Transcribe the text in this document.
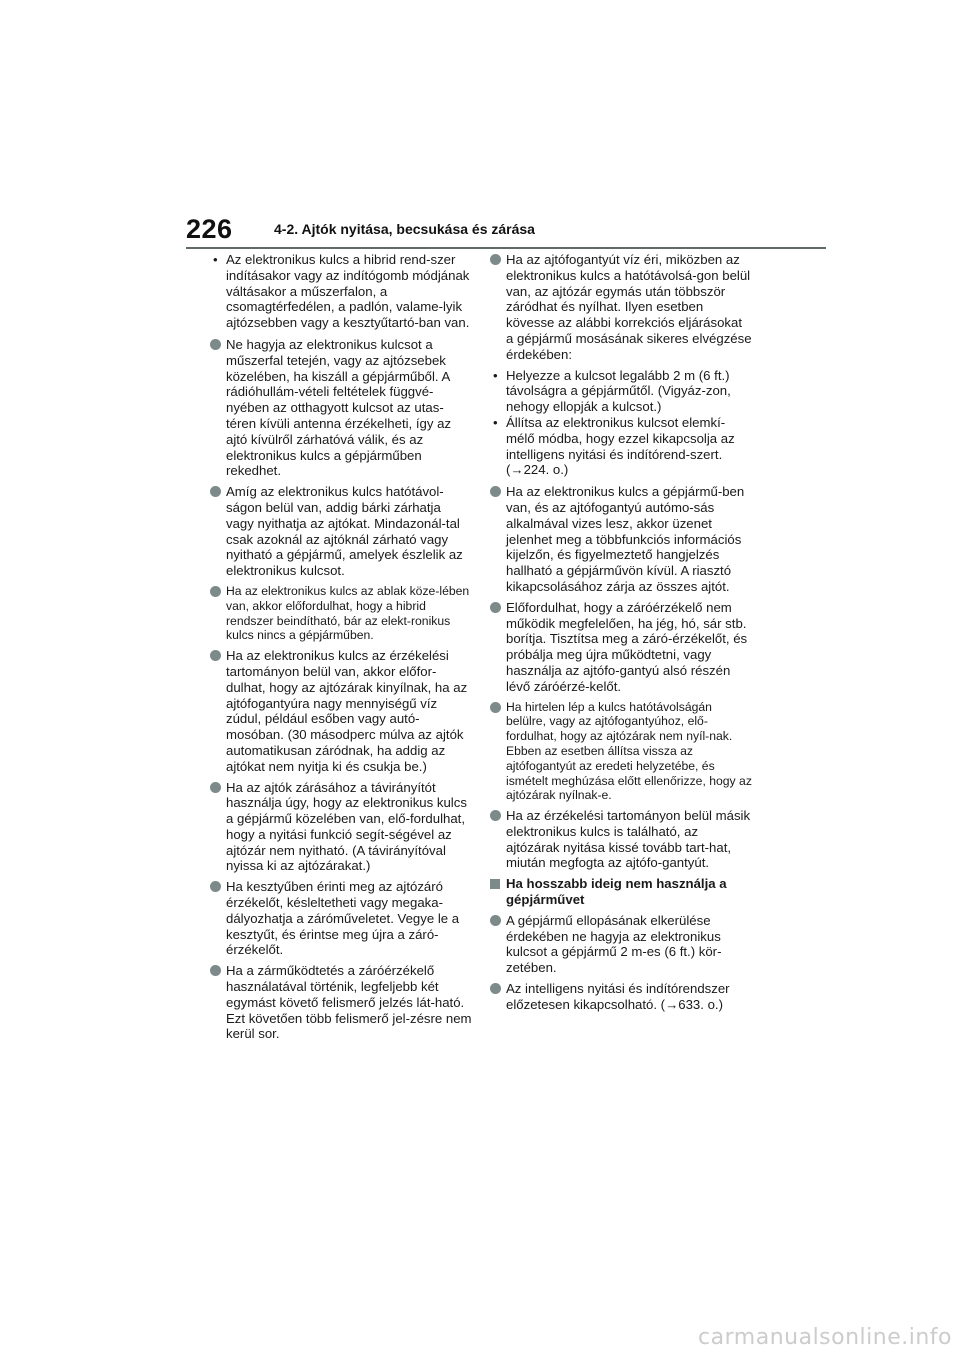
226	4-2. Ajtók nyitása, becsukása és zárása
• Az elektronikus kulcs a hibrid rend-szer indításakor vagy az indítógomb módjának váltásakor a műszerfalon, a csomagtérfedélen, a padlón, valame-lyik ajtózsebben vagy a kesztyűtartó-ban van.
Ne hagyja az elektronikus kulcsot a műszerfal tetején, vagy az ajtózsebek közelében, ha kiszáll a gépjárműből. A rádióhullám-vételi feltételek függvé-nyében az otthagyott kulcsot az utas-téren kívüli antenna érzékelheti, így az ajtó kívülről zárhatóvá válik, és az elektronikus kulcs a gépjárműben rekedhet.
Amíg az elektronikus kulcs hatótávol-ságon belül van, addig bárki zárhatja vagy nyithatja az ajtókat. Mindazonál-tal csak azoknál az ajtóknál zárható vagy nyitható a gépjármű, amelyek észlelik az elektronikus kulcsot.
Ha az elektronikus kulcs az ablak köze-lében van, akkor előfordulhat, hogy a hibrid rendszer beindítható, bár az elekt-ronikus kulcs nincs a gépjárműben.
Ha az elektronikus kulcs az érzékelési tartományon belül van, akkor előfor-dulhat, hogy az ajtózárak kinyílnak, ha az ajtófogantyúra nagy mennyiségű víz zúdul, például esőben vagy autó-mosóban. (30 másodperc múlva az ajtók automatikusan záródnak, ha addig az ajtókat nem nyitja ki és csukja be.)
Ha az ajtók zárásához a távirányítót használja úgy, hogy az elektronikus kulcs a gépjármű közelében van, elő-fordulhat, hogy a nyitási funkció segít-ségével az ajtózár nem nyitható. (A távirányítóval nyissa ki az ajtózárakat.)
Ha kesztyűben érinti meg az ajtózáró érzékelőt, késleltetheti vagy megaka-dályozhatja a záróműveletet. Vegye le a kesztyűt, és érintse meg újra a záró-érzékelőt.
Ha a zárműködtetés a záróérzékelő használatával történik, legfeljebb két egymást követő felismerő jelzés lát-ható. Ezt követően több felismerő jel-zésre nem kerül sor.
Ha az ajtófogantyút víz éri, miközben az elektronikus kulcs a hatótávolsá-gon belül van, az ajtózár egymás után többször záródhat és nyílhat. Ilyen esetben kövesse az alábbi korrekciós eljárásokat a gépjármű mosásának sikeres elvégzése érdekében:
• Helyezze a kulcsot legalább 2 m (6 ft.) távolságra a gépjárműtől. (Vigyáz-zon, nehogy ellopják a kulcsot.)
• Állítsa az elektronikus kulcsot elemkí-mélő módba, hogy ezzel kikapcsolja az intelligens nyitási és indítórend-szert. (→224. o.)
Ha az elektronikus kulcs a gépjármű-ben van, és az ajtófogantyú autómo-sás alkalmával vizes lesz, akkor üzenet jelenhet meg a többfunkciós információs kijelzőn, és figyelmeztető hangjelzés hallható a gépjárművön kívül. A riasztó kikapcsolásához zárja az összes ajtót.
Előfordulhat, hogy a záróérzékelő nem működik megfelelően, ha jég, hó, sár stb. borítja. Tisztítsa meg a záró-érzékelőt, és próbálja meg újra működtetni, vagy használja az ajtófo-gantyú alsó részén lévő záróérzé-kelőt.
Ha hirtelen lép a kulcs hatótávolságán belülre, vagy az ajtófogantyúhoz, elő-fordulhat, hogy az ajtózárak nem nyíl-nak. Ebben az esetben állítsa vissza az ajtófogantyút az eredeti helyzetébe, és ismételt meghúzása előtt ellenőrizze, hogy az ajtózárak nyílnak-e.
Ha az érzékelési tartományon belül másik elektronikus kulcs is található, az ajtózárak nyitása kissé tovább tart-hat, miután megfogta az ajtófo-gantyút.
Ha hosszabb ideig nem használja a gépjárművet
A gépjármű ellopásának elkerülése érdekében ne hagyja az elektronikus kulcsot a gépjármű 2 m-es (6 ft.) kör-zetében.
Az intelligens nyitási és indítórendszer előzetesen kikapcsolható. (→633. o.)
carmanualsonline.info
